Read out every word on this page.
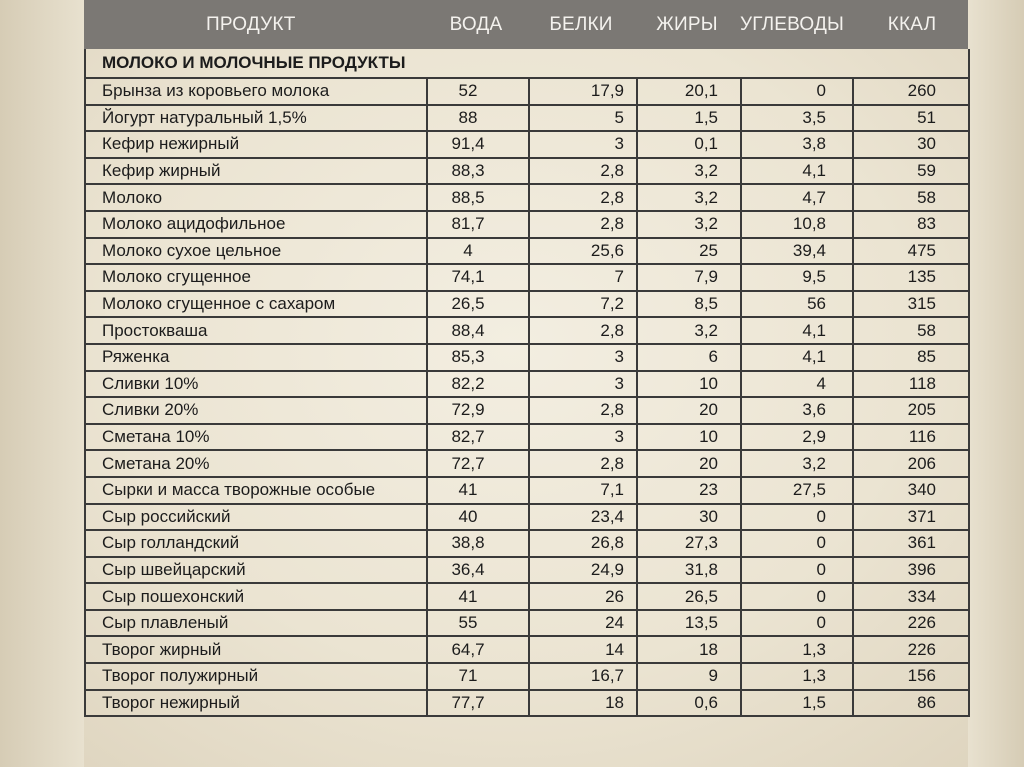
ПРОДУКТ	ВОДА	БЕЛКИ	ЖИРЫ	УГЛЕВОДЫ	ККАЛ
МОЛОКО И МОЛОЧНЫЕ ПРОДУКТЫ					
Брынза из коровьего молока	52	17,9	20,1	0	260
Йогурт натуральный 1,5%	88	5	1,5	3,5	51
Кефир нежирный	91,4	3	0,1	3,8	30
Кефир жирный	88,3	2,8	3,2	4,1	59
Молоко	88,5	2,8	3,2	4,7	58
Молоко ацидофильное	81,7	2,8	3,2	10,8	83
Молоко сухое цельное	4	25,6	25	39,4	475
Молоко сгущенное	74,1	7	7,9	9,5	135
Молоко сгущенное с сахаром	26,5	7,2	8,5	56	315
Простокваша	88,4	2,8	3,2	4,1	58
Ряженка	85,3	3	6	4,1	85
Сливки 10%	82,2	3	10	4	118
Сливки 20%	72,9	2,8	20	3,6	205
Сметана 10%	82,7	3	10	2,9	116
Сметана 20%	72,7	2,8	20	3,2	206
Сырки и масса творожные особые	41	7,1	23	27,5	340
Сыр российский	40	23,4	30	0	371
Сыр голландский	38,8	26,8	27,3	0	361
Сыр швейцарский	36,4	24,9	31,8	0	396
Сыр пошехонский	41	26	26,5	0	334
Сыр плавленый	55	24	13,5	0	226
Творог жирный	64,7	14	18	1,3	226
Творог полужирный	71	16,7	9	1,3	156
Творог нежирный	77,7	18	0,6	1,5	86
